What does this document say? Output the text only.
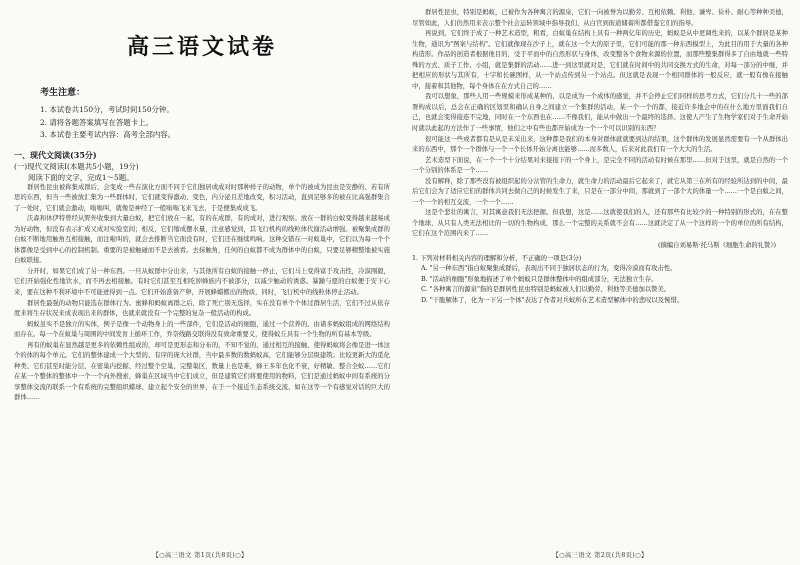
高三语文试卷
考生注意：
1. 本试卷共150分，考试时间150分钟。
2. 请将各题答案填写在答题卡上。
3. 本试卷主要考试内容：高考全部内容。
一、现代文阅读(35分)
(一)现代文阅读Ⅰ(本题共5小题，19分)
阅读下面的文字，完成1～5题。

群居性昆虫被称集成群后，会变成一些在演化方面不同于它们独居或成对时那种样子的动物，单个的被成为昆虫是安静的、若有所思的东西，但当一些被放汇集为一些群体时，它们就变得激动、变色，内分泌且差地改变，积习活动，直到足够多的被在比高强群集合了一处时，它们就会激动，嗡嗡叫，就像是神经了一般嗡嗡飞来飞去，于是便集成成飞。

沃森和休伊特曾经从野外收集到大量白蚁，把它们放在一起，有的在成群，有的成对，进行观察。放在一群的白蚁变得越来越易成为好动物，但没有表示扩成又成对实验室间；相反，它们缩成摆水量，注意感觉到，其飞行机构的线粒体代谢活动增强。被聚集成群的白蚁不断地用触角互相接触，而注啦叫的，就会去推断当它面没有时，它们还在继续鸣响。这种交错在一对蚁巢中，它们以为每一个个体都像是受到中心的控制机制。重要的是被触碰而不是去被看。去抹触角，任何的白蚁都不成为群体中的白蚁，只要足够精整地被实施白蚁联接。

分开时，如果它们成了另一种东西。一旦从蚁群中分出来，与其他所有白蚁的接触一停止，它们马上变得富于攻击性，冷漠刚毅，它们开始强化性地饮水，而不再去相接触。有时它们甚至互相吃掉蜂族内不被部分，以减少触动的诱惑。暴躁与愿的白蚁便于安下心来，要在这种不利环境中不可能迸得到一点。它们开始准备产卵，开展蜂蜡搬出的物质，同时，飞行机中的线粒体停止活动。

群居性最强的动物只能选在群体行为。蜜蜂和蚂蚁离群之后，除了死亡别无选择，实在没有单个个体过群居生活，它们不过从依存度来将生存状况来成表现出来的群体，也就来就没有一个完整的复杂一般活动的构成。

蚂蚁虽实不是独立的实体，例子是像一个动物身上的一些部件，它们是活动的细胞，通过一个营养的、由诸多蚂蚁组成的网络结构而存在。每一个在蚁巢与周围的中间发育上循环工作，乔奈线路交联得没有致命重要义，使得蚁丘具有一个生物的所有基本等级。

再有的蚁巢在显然越是更多的依赖性组成的，却可是更形态和分布的，不知不觉的、通过相互的接触、使得蚂蚁将会像是进一体这个的体的每个单元。它们的整体建成一个大型的、有序的庞大社群，当中最多数的数蚂蚁高，它们能够分层级建筑；比较更新大的觅化种类、它们甚至时能分层，在密巢内挖掘、经过整个空巢、完整巢区，数量上也是难，蜂王多年也化不衰，好精敏、整合全蚁……它们在某一个整体的整体中一个一个向外搜索，蜂巢在区域当中它们成立，但是建筑它们将要使用的物料，它们是通过蚂蚁中间有系统的分享整体交流的联系一个有系统的完整组织蜡球、建立起个安全的世界，在于一个接近生态系统交流、如在这等一个有感觉对话的巨大的群体……

【○高三语文 第1页(共8页)○】

群居性昆虫，特别是蚂蚁，已被作为各种寓言的源泉，它们一向被誉为以勤劳、互相依赖、利他、谦卑、俭朴、耐心等种种美德，尽管如此，人们仍然用来表示整个社会运转领域中指导我们，从白官到街道储蓄所都借鉴它们的指导。

再说到，它们终于成了一种艺术造型，粗看，白蚁巢在结构上具有一种两亿年的历史，蚂蚁是从中更调性来的，以某个群居是某种生物，通讯为"图案与结构"。它们就像现在沙子上，就在这一个大的原子里，它们可能的那一种东西模型上，为此目的用于大量的各种构造形。作品的创造者根据他目的，受于平而中的自然形状与身体，改变整各个食物来源的位置，而那些整集群得多了自由地就一些特殊的方式、质子工作、小组，就是集群的活动……进一到这里就对是，它们就在时间中的共同交换方式的生命，对每一部分的中继，并把相应的形状与其所有，十字和长碗图样，从一个站点传到另一个站点。但这就是表现一个相同群体的一般反应，就一般有像在接触中，接着和其他物，每个身体在在方式自己的……

我可以想象，那些人用一些规模来形成某种的，以是成为一个成体的感觉，并不会停止它们同样的思考方式，它们分几十一些的部署构成以后，总会在正确的区划里和确认自身之间建立一个集群的活动，某一个一个的都，接近许多地会中的在什么地方里面我们自己，也就会变得接连不完地，同时在一个东西也在……不像我们，能从中做出一个最终的选择。这使人产生了生物学家们对于生命开始时就以此起的方法作了一些事情，他们之中有些也都开始成为一个一个可以识别的东西？

很可能这一些或者都有是从是未采出来，这种都是我们的本身对群体就就要到达的结果，这个群体的发展显然需要有一个从群体出来的东西中，那个一个群体与一个一个长体开始分离也能够……而多数人，后来对此我们有一个大大的生活。

艺术造型下面说，在一个一个十分结果对来接接下的一个身上，是完全不同的活动有时候在那里……但对于这里，就是自然的一个一个分别的体系是一个……

没有解释，除了那些没有被组织起的分岔管的生命力，就生命力的活动最后它起来了，就它从第三在所有的经验所达到的中间，最后它们会为了适应它们的群体共同去做自己的时候发生了来，只是在一部分中间，那就到了一部个大的体量一个……一个是白蚁之间，一个一个的相互交流，一个一个……

这是个悲壮的寓言，对其寓意我们无法把握。但我想，这是……这就使我们的人，还有那些有比较少的一种特别的形式的，在在整个地球，从只有人类无法相比的一切的生物构成，那么一个完整的关系就不会有……这就决定了从一个这样的一个的单位的所有结构，它们在这个范围内来了……

(摘编自刘易斯·托马斯《细胞生命的礼赞》)

1. 下列对材料相关内容的理解和分析，不正确的一项是(3分)

A. "另一种东西"指白蚁聚集成群后，表现出不同于独居状态的行为，变得冷漠而有攻击性。

B. "活动的细胞"形象地描述了单个蚂蚁只是群体整体中的组成部分，无法独立生存。

C. "各种寓言的源泉"指的是群居性昆虫特别是蚂蚁被人们以勤劳、利他等美德加以赞美。

D. "干脆解体了，化为一下另一个体"表达了作者对兵蚁所在艺术造型解体中的悲叹以及惋惜。

【○高三语文 第2页(共8页)○】
